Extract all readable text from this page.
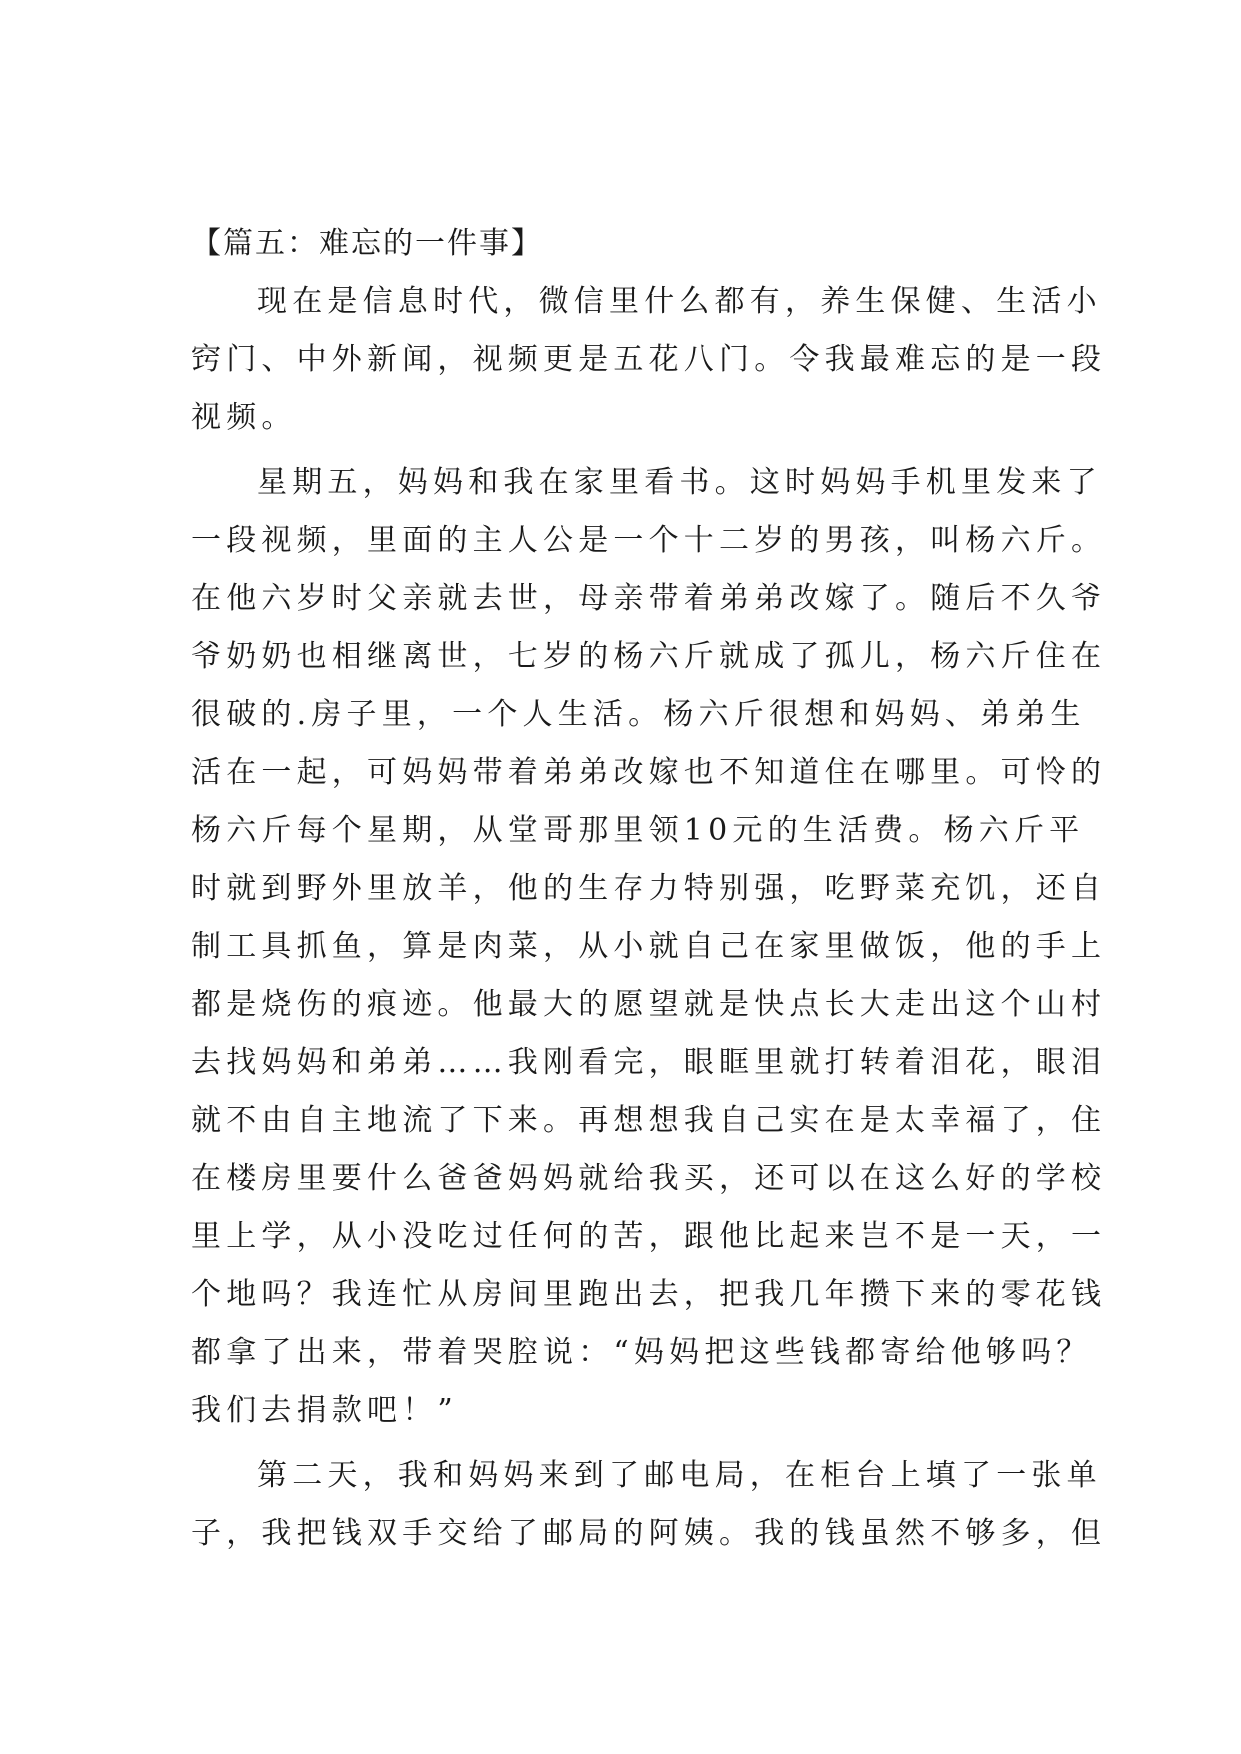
【篇五：难忘的一件事】

现在是信息时代，微信里什么都有，养生保健、生活小
窍门、中外新闻，视频更是五花八门。令我最难忘的是一段
视频。

星期五，妈妈和我在家里看书。这时妈妈手机里发来了
一段视频，里面的主人公是一个十二岁的男孩，叫杨六斤。
在他六岁时父亲就去世，母亲带着弟弟改嫁了。随后不久爷
爷奶奶也相继离世，七岁的杨六斤就成了孤儿，杨六斤住在
很破的.房子里，一个人生活。杨六斤很想和妈妈、弟弟生
活在一起，可妈妈带着弟弟改嫁也不知道住在哪里。可怜的
杨六斤每个星期，从堂哥那里领10元的生活费。杨六斤平
时就到野外里放羊，他的生存力特别强，吃野菜充饥，还自
制工具抓鱼，算是肉菜，从小就自己在家里做饭，他的手上
都是烧伤的痕迹。他最大的愿望就是快点长大走出这个山村
去找妈妈和弟弟……我刚看完，眼眶里就打转着泪花，眼泪
就不由自主地流了下来。再想想我自己实在是太幸福了，住
在楼房里要什么爸爸妈妈就给我买，还可以在这么好的学校
里上学，从小没吃过任何的苦，跟他比起来岂不是一天，一
个地吗？我连忙从房间里跑出去，把我几年攒下来的零花钱
都拿了出来，带着哭腔说：“妈妈把这些钱都寄给他够吗？
我们去捐款吧！”

第二天，我和妈妈来到了邮电局，在柜台上填了一张单
子，我把钱双手交给了邮局的阿姨。我的钱虽然不够多，但
